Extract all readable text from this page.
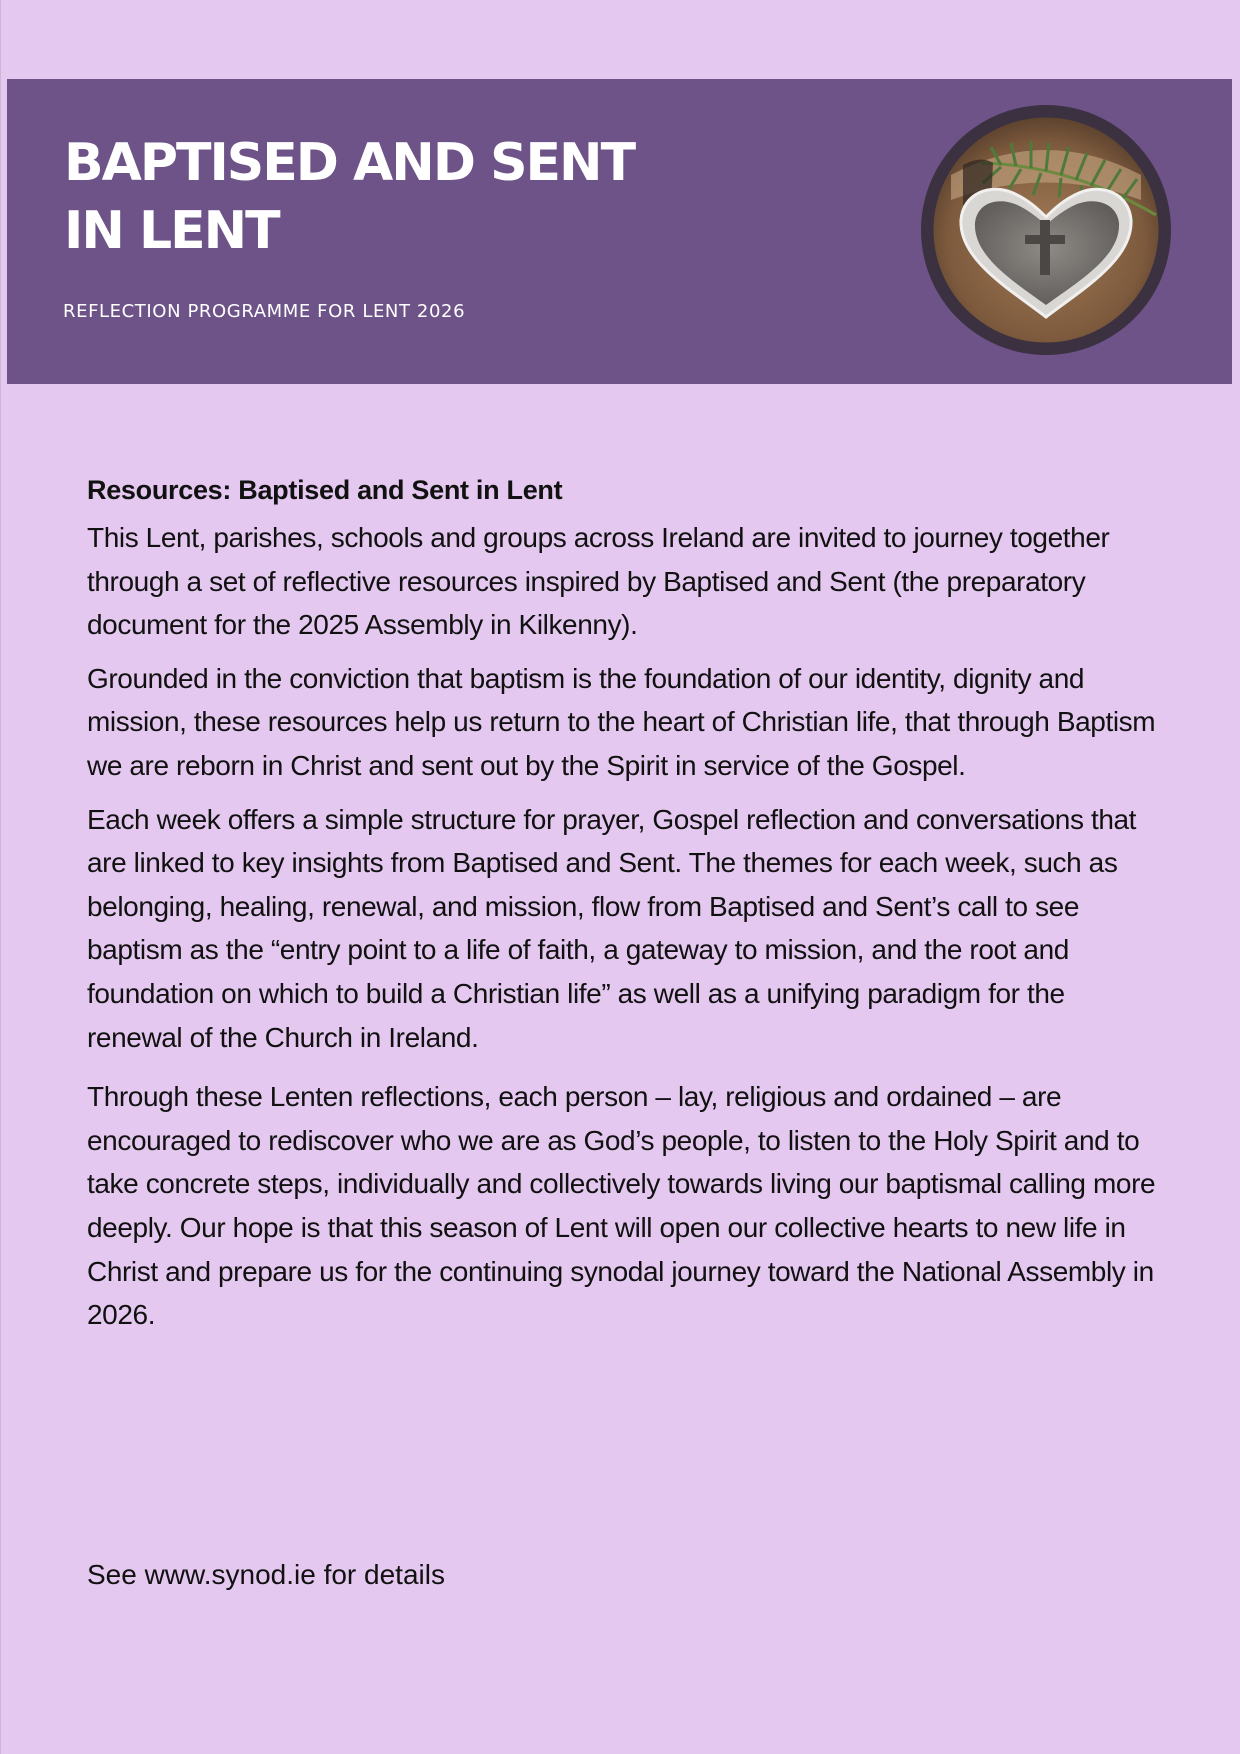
BAPTISED AND SENT
IN LENT

REFLECTION PROGRAMME FOR LENT 2026

Resources: Baptised and Sent in Lent

This Lent, parishes, schools and groups across Ireland are invited to journey together through a set of reflective resources inspired by Baptised and Sent (the preparatory document for the 2025 Assembly in Kilkenny).

Grounded in the conviction that baptism is the foundation of our identity, dignity and mission, these resources help us return to the heart of Christian life, that through Baptism we are reborn in Christ and sent out by the Spirit in service of the Gospel.

Each week offers a simple structure for prayer, Gospel reflection and conversations that are linked to key insights from Baptised and Sent. The themes for each week, such as belonging, healing, renewal, and mission, flow from Baptised and Sent’s call to see baptism as the “entry point to a life of faith, a gateway to mission, and the root and foundation on which to build a Christian life” as well as a unifying paradigm for the renewal of the Church in Ireland.

Through these Lenten reflections, each person – lay, religious and ordained – are encouraged to rediscover who we are as God’s people, to listen to the Holy Spirit and to take concrete steps, individually and collectively towards living our baptismal calling more deeply. Our hope is that this season of Lent will open our collective hearts to new life in Christ and prepare us for the continuing synodal journey toward the National Assembly in 2026.

See www.synod.ie for details
